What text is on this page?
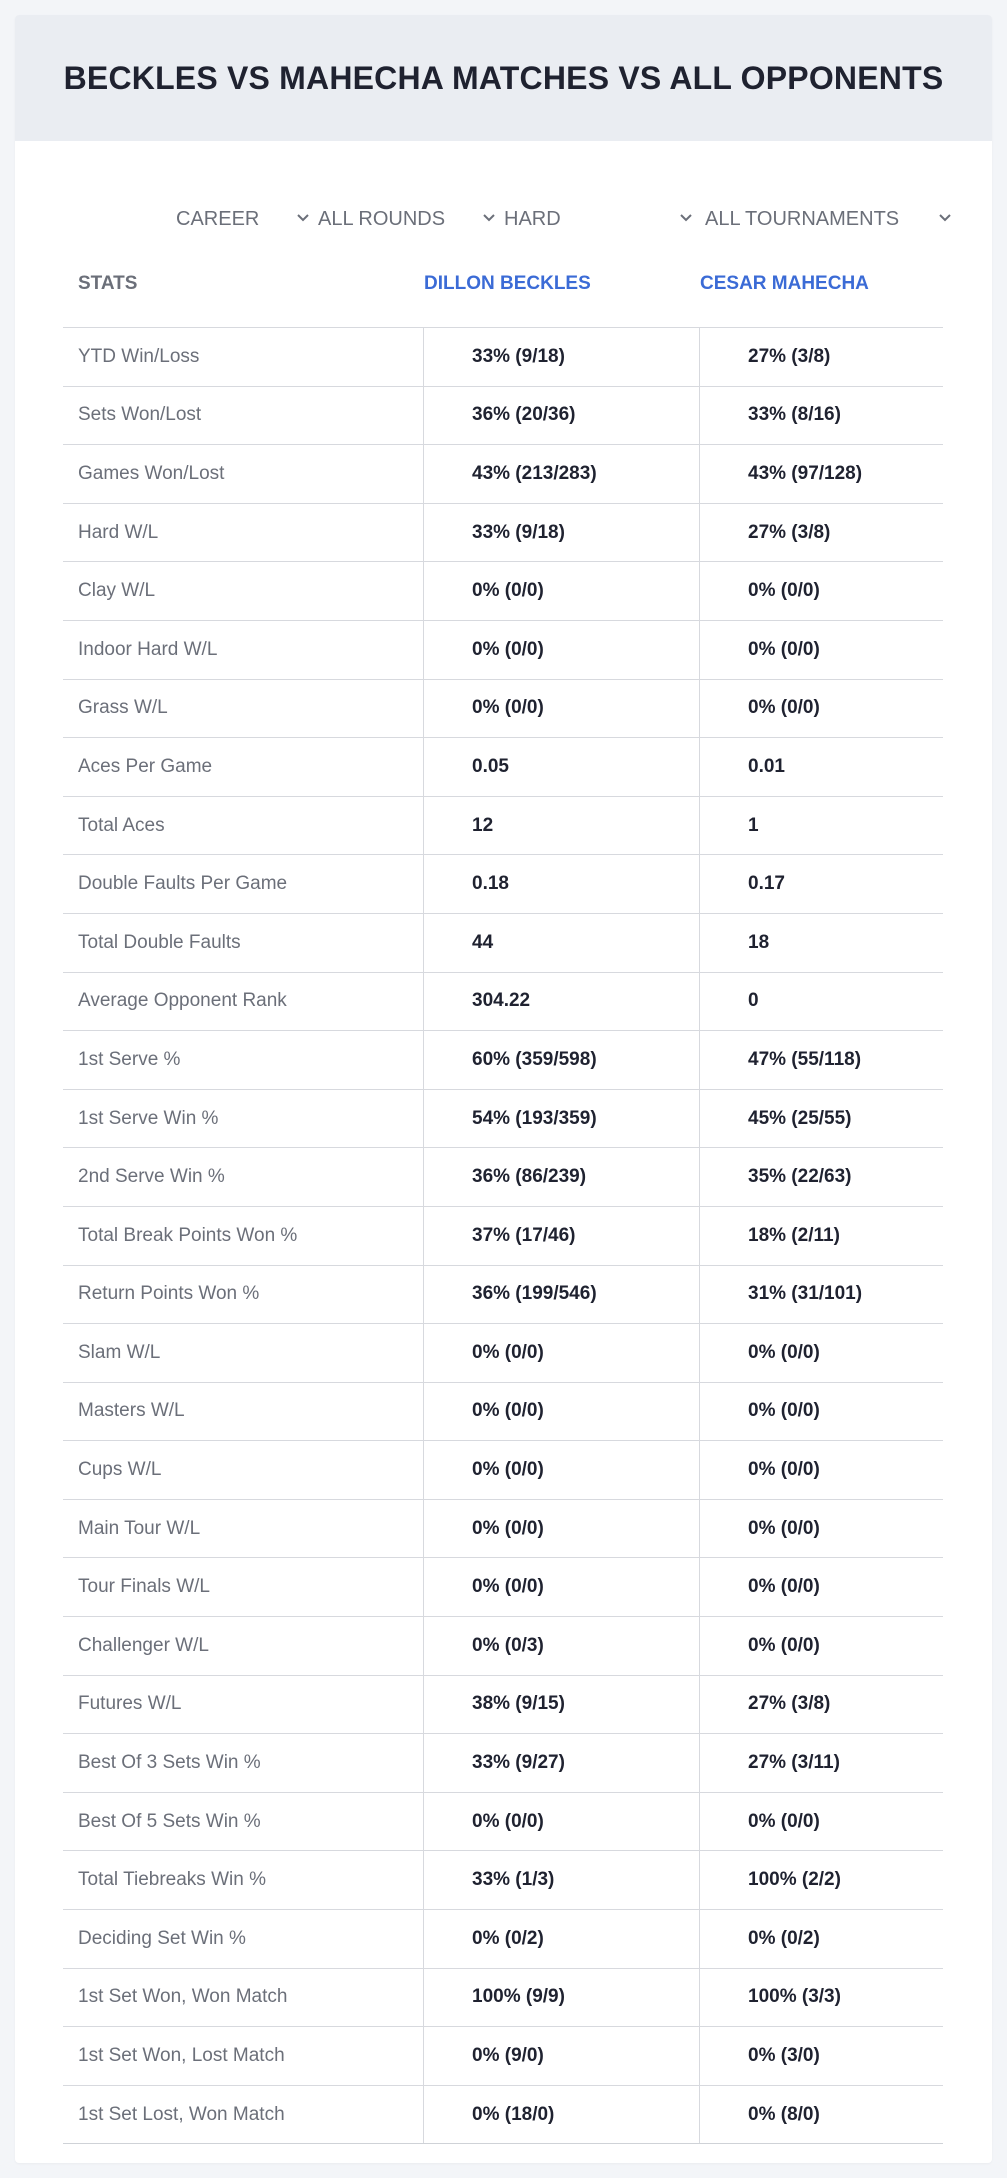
BECKLES VS MAHECHA MATCHES VS ALL OPPONENTS
CAREER	ALL ROUNDS	HARD	ALL TOURNAMENTS
STATS	DILLON BECKLES	CESAR MAHECHA
YTD Win/Loss	33% (9/18)	27% (3/8)
Sets Won/Lost	36% (20/36)	33% (8/16)
Games Won/Lost	43% (213/283)	43% (97/128)
Hard W/L	33% (9/18)	27% (3/8)
Clay W/L	0% (0/0)	0% (0/0)
Indoor Hard W/L	0% (0/0)	0% (0/0)
Grass W/L	0% (0/0)	0% (0/0)
Aces Per Game	0.05	0.01
Total Aces	12	1
Double Faults Per Game	0.18	0.17
Total Double Faults	44	18
Average Opponent Rank	304.22	0
1st Serve %	60% (359/598)	47% (55/118)
1st Serve Win %	54% (193/359)	45% (25/55)
2nd Serve Win %	36% (86/239)	35% (22/63)
Total Break Points Won %	37% (17/46)	18% (2/11)
Return Points Won %	36% (199/546)	31% (31/101)
Slam W/L	0% (0/0)	0% (0/0)
Masters W/L	0% (0/0)	0% (0/0)
Cups W/L	0% (0/0)	0% (0/0)
Main Tour W/L	0% (0/0)	0% (0/0)
Tour Finals W/L	0% (0/0)	0% (0/0)
Challenger W/L	0% (0/3)	0% (0/0)
Futures W/L	38% (9/15)	27% (3/8)
Best Of 3 Sets Win %	33% (9/27)	27% (3/11)
Best Of 5 Sets Win %	0% (0/0)	0% (0/0)
Total Tiebreaks Win %	33% (1/3)	100% (2/2)
Deciding Set Win %	0% (0/2)	0% (0/2)
1st Set Won, Won Match	100% (9/9)	100% (3/3)
1st Set Won, Lost Match	0% (9/0)	0% (3/0)
1st Set Lost, Won Match	0% (18/0)	0% (8/0)
